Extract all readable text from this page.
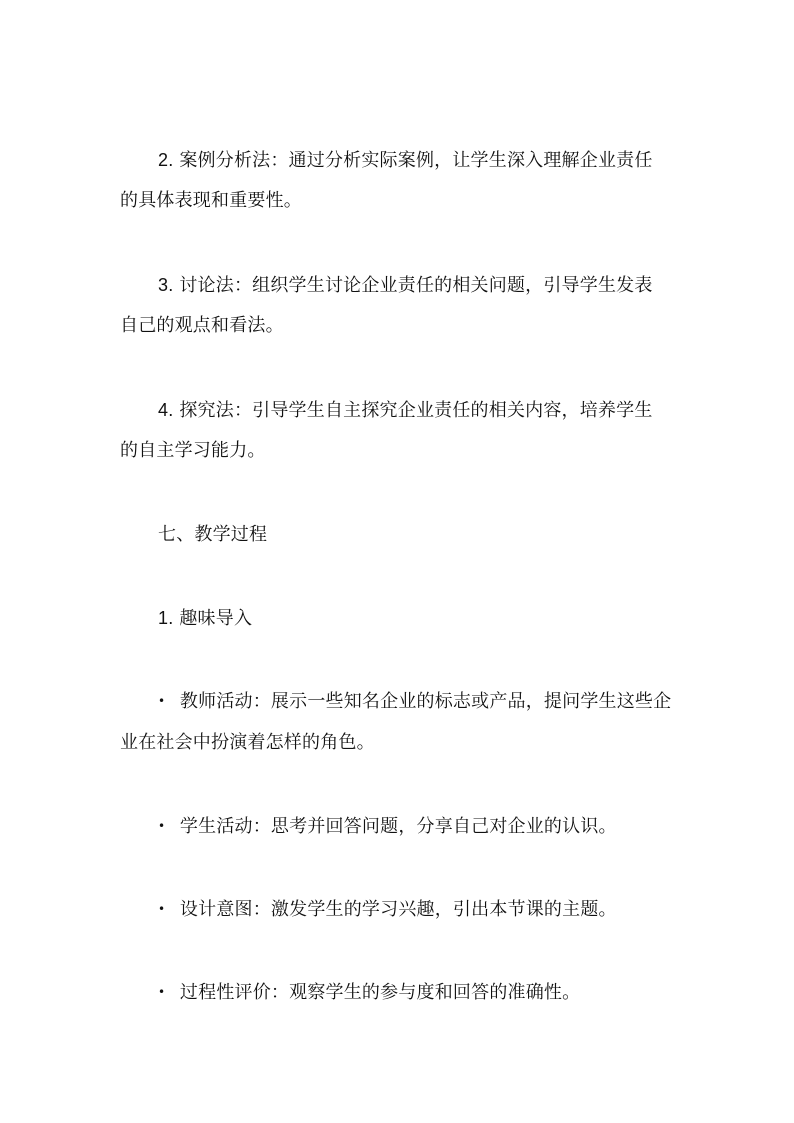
2. 案例分析法：通过分析实际案例，让学生深入理解企业责任
的具体表现和重要性。
3. 讨论法：组织学生讨论企业责任的相关问题，引导学生发表
自己的观点和看法。
4. 探究法：引导学生自主探究企业责任的相关内容，培养学生
的自主学习能力。
七、教学过程
1. 趣味导入
• 教师活动：展示一些知名企业的标志或产品，提问学生这些企
业在社会中扮演着怎样的角色。
• 学生活动：思考并回答问题，分享自己对企业的认识。
• 设计意图：激发学生的学习兴趣，引出本节课的主题。
• 过程性评价：观察学生的参与度和回答的准确性。
